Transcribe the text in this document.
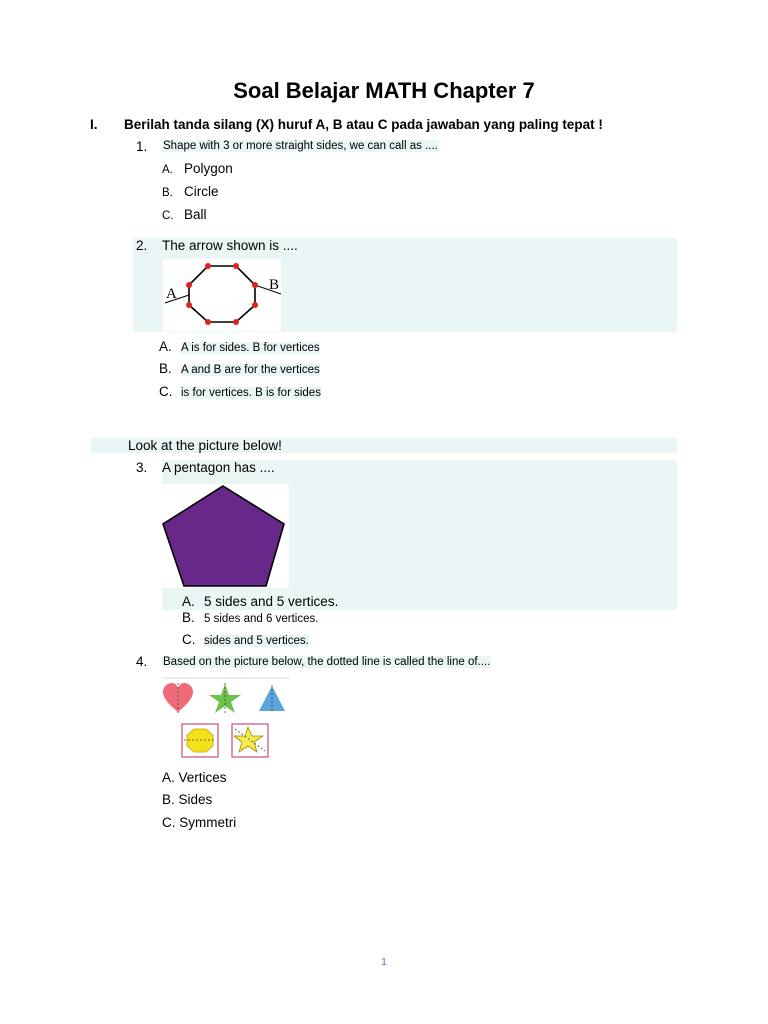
Soal Belajar MATH Chapter 7
I. Berilah tanda silang (X) huruf A, B atau C pada jawaban yang paling tepat !
1. Shape with 3 or more straight sides, we can call as ....
A. Polygon
B. Circle
C. Ball
2. The arrow shown is ....
A
B
A. A is for sides. B for vertices
B. A and B are for the vertices
C. is for vertices. B is for sides
Look at the picture below!
3. A pentagon has ....
A. 5 sides and 5 vertices.
B. 5 sides and 6 vertices.
C. sides and 5 vertices.
4. Based on the picture below, the dotted line is called the line of....
A. Vertices
B. Sides
C. Symmetri
1
